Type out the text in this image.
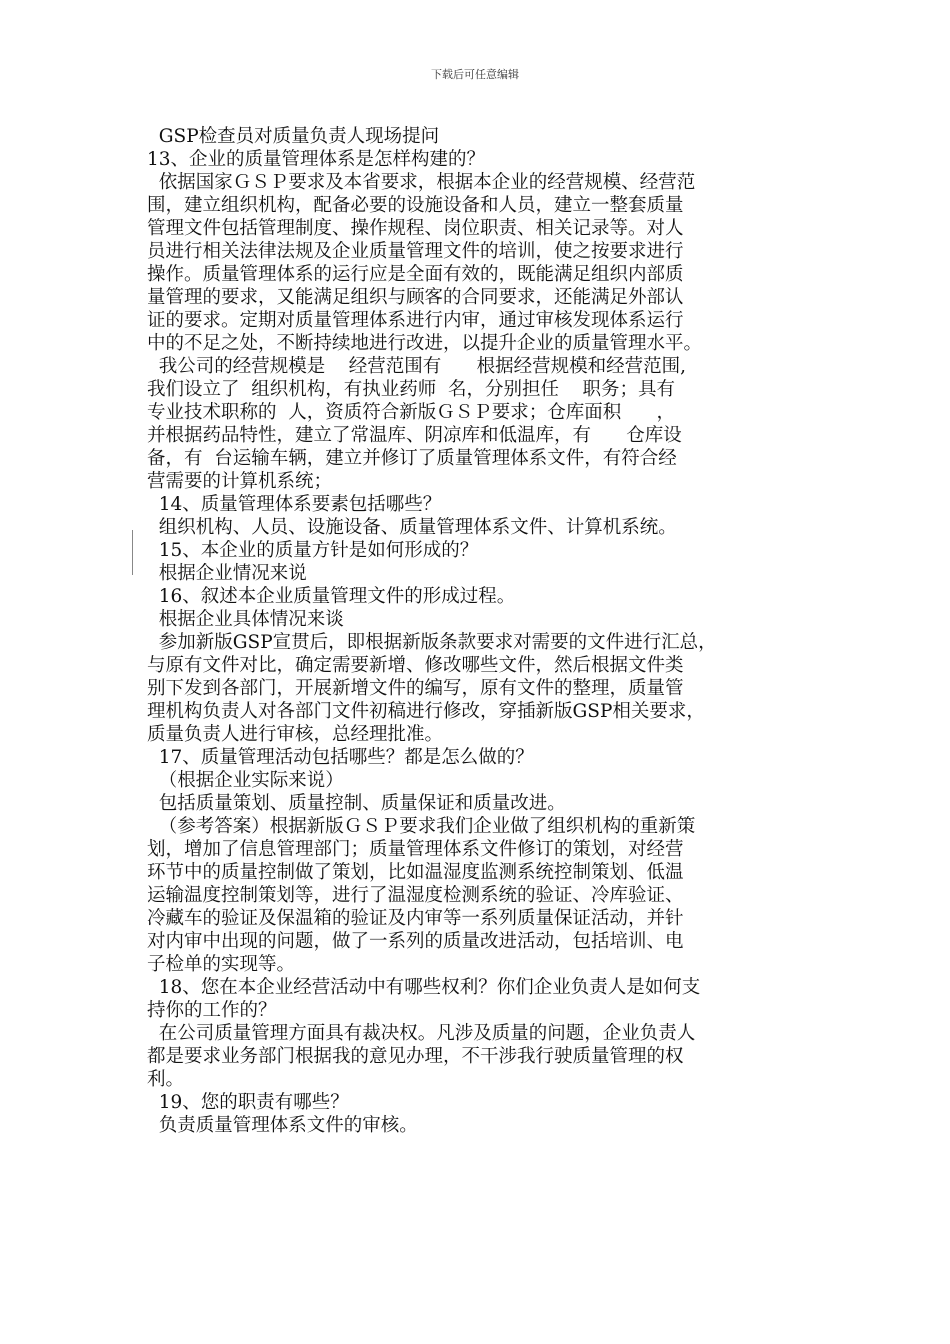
下载后可任意编辑
GSP检查员对质量负责人现场提问
13、企业的质量管理体系是怎样构建的？
依据国家ＧＳＰ要求及本省要求，根据本企业的经营规模、经营范
围，建立组织机构，配备必要的设施设备和人员，建立一整套质量
管理文件包括管理制度、操作规程、岗位职责、相关记录等。对人
员进行相关法律法规及企业质量管理文件的培训，使之按要求进行
操作。质量管理体系的运行应是全面有效的，既能满足组织内部质
量管理的要求，又能满足组织与顾客的合同要求，还能满足外部认
证的要求。定期对质量管理体系进行内审，通过审核发现体系运行
中的不足之处，不断持续地进行改进，以提升企业的质量管理水平。
我公司的经营规模是    经营范围有      根据经营规模和经营范围,
我们设立了  组织机构，有执业药师  名，分别担任    职务；具有
专业技术职称的  人，资质符合新版ＧＳＰ要求；仓库面积      ，
并根据药品特性，建立了常温库、阴凉库和低温库，有      仓库设
备，有  台运输车辆，建立并修订了质量管理体系文件，有符合经
营需要的计算机系统；
14、质量管理体系要素包括哪些？
组织机构、人员、设施设备、质量管理体系文件、计算机系统。
15、本企业的质量方针是如何形成的？
根据企业情况来说
16、叙述本企业质量管理文件的形成过程。
根据企业具体情况来谈
参加新版GSP宣贯后，即根据新版条款要求对需要的文件进行汇总，
与原有文件对比，确定需要新增、修改哪些文件，然后根据文件类
别下发到各部门，开展新增文件的编写，原有文件的整理，质量管
理机构负责人对各部门文件初稿进行修改，穿插新版GSP相关要求，
质量负责人进行审核，总经理批准。
17、质量管理活动包括哪些？都是怎么做的？
（根据企业实际来说）
包括质量策划、质量控制、质量保证和质量改进。
（参考答案）根据新版ＧＳＰ要求我们企业做了组织机构的重新策
划，增加了信息管理部门；质量管理体系文件修订的策划，对经营
环节中的质量控制做了策划，比如温湿度监测系统控制策划、低温
运输温度控制策划等，进行了温湿度检测系统的验证、冷库验证、
冷藏车的验证及保温箱的验证及内审等一系列质量保证活动，并针
对内审中出现的问题，做了一系列的质量改进活动，包括培训、电
子检单的实现等。
18、您在本企业经营活动中有哪些权利？你们企业负责人是如何支
持你的工作的？
在公司质量管理方面具有裁决权。凡涉及质量的问题，企业负责人
都是要求业务部门根据我的意见办理，不干涉我行驶质量管理的权
利。
19、您的职责有哪些？
负责质量管理体系文件的审核。
